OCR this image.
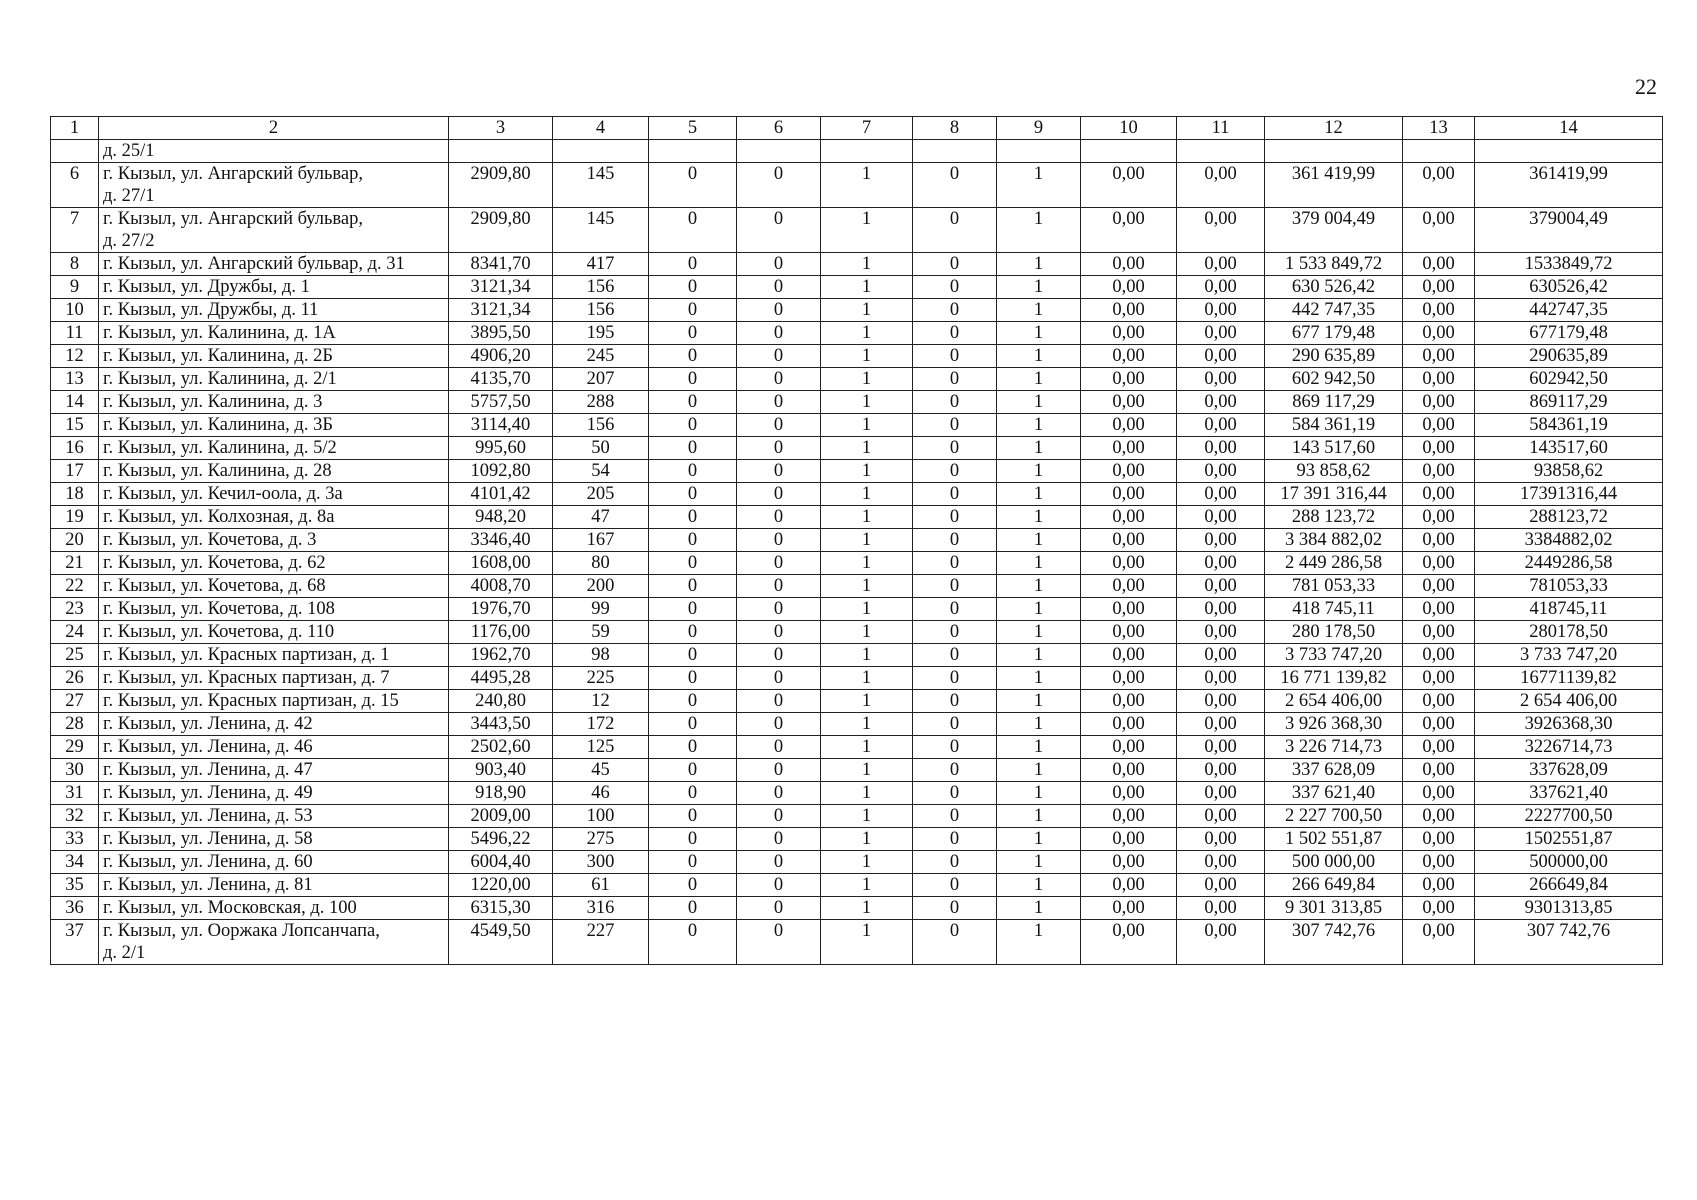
22
1	2	3	4	5	6	7	8	9	10	11	12	13	14
	д. 25/1												
6	г. Кызыл, ул. Ангарский бульвар,
д. 27/1	2909,80	145	0	0	1	0	1	0,00	0,00	361 419,99	0,00	361419,99
7	г. Кызыл, ул. Ангарский бульвар,
д. 27/2	2909,80	145	0	0	1	0	1	0,00	0,00	379 004,49	0,00	379004,49
8	г. Кызыл, ул. Ангарский бульвар, д. 31	8341,70	417	0	0	1	0	1	0,00	0,00	1 533 849,72	0,00	1533849,72
9	г. Кызыл, ул. Дружбы, д. 1	3121,34	156	0	0	1	0	1	0,00	0,00	630 526,42	0,00	630526,42
10	г. Кызыл, ул. Дружбы, д. 11	3121,34	156	0	0	1	0	1	0,00	0,00	442 747,35	0,00	442747,35
11	г. Кызыл, ул. Калинина, д. 1А	3895,50	195	0	0	1	0	1	0,00	0,00	677 179,48	0,00	677179,48
12	г. Кызыл, ул. Калинина, д. 2Б	4906,20	245	0	0	1	0	1	0,00	0,00	290 635,89	0,00	290635,89
13	г. Кызыл, ул. Калинина, д. 2/1	4135,70	207	0	0	1	0	1	0,00	0,00	602 942,50	0,00	602942,50
14	г. Кызыл, ул. Калинина, д. 3	5757,50	288	0	0	1	0	1	0,00	0,00	869 117,29	0,00	869117,29
15	г. Кызыл, ул. Калинина, д. 3Б	3114,40	156	0	0	1	0	1	0,00	0,00	584 361,19	0,00	584361,19
16	г. Кызыл, ул. Калинина, д. 5/2	995,60	50	0	0	1	0	1	0,00	0,00	143 517,60	0,00	143517,60
17	г. Кызыл, ул. Калинина, д. 28	1092,80	54	0	0	1	0	1	0,00	0,00	93 858,62	0,00	93858,62
18	г. Кызыл, ул. Кечил-оола, д. 3а	4101,42	205	0	0	1	0	1	0,00	0,00	17 391 316,44	0,00	17391316,44
19	г. Кызыл, ул. Колхозная, д. 8а	948,20	47	0	0	1	0	1	0,00	0,00	288 123,72	0,00	288123,72
20	г. Кызыл, ул. Кочетова, д. 3	3346,40	167	0	0	1	0	1	0,00	0,00	3 384 882,02	0,00	3384882,02
21	г. Кызыл, ул. Кочетова, д. 62	1608,00	80	0	0	1	0	1	0,00	0,00	2 449 286,58	0,00	2449286,58
22	г. Кызыл, ул. Кочетова, д. 68	4008,70	200	0	0	1	0	1	0,00	0,00	781 053,33	0,00	781053,33
23	г. Кызыл, ул. Кочетова, д. 108	1976,70	99	0	0	1	0	1	0,00	0,00	418 745,11	0,00	418745,11
24	г. Кызыл, ул. Кочетова, д. 110	1176,00	59	0	0	1	0	1	0,00	0,00	280 178,50	0,00	280178,50
25	г. Кызыл, ул. Красных партизан, д. 1	1962,70	98	0	0	1	0	1	0,00	0,00	3 733 747,20	0,00	3 733 747,20
26	г. Кызыл, ул. Красных партизан, д. 7	4495,28	225	0	0	1	0	1	0,00	0,00	16 771 139,82	0,00	16771139,82
27	г. Кызыл, ул. Красных партизан, д. 15	240,80	12	0	0	1	0	1	0,00	0,00	2 654 406,00	0,00	2 654 406,00
28	г. Кызыл, ул. Ленина, д. 42	3443,50	172	0	0	1	0	1	0,00	0,00	3 926 368,30	0,00	3926368,30
29	г. Кызыл, ул. Ленина, д. 46	2502,60	125	0	0	1	0	1	0,00	0,00	3 226 714,73	0,00	3226714,73
30	г. Кызыл, ул. Ленина, д. 47	903,40	45	0	0	1	0	1	0,00	0,00	337 628,09	0,00	337628,09
31	г. Кызыл, ул. Ленина, д. 49	918,90	46	0	0	1	0	1	0,00	0,00	337 621,40	0,00	337621,40
32	г. Кызыл, ул. Ленина, д. 53	2009,00	100	0	0	1	0	1	0,00	0,00	2 227 700,50	0,00	2227700,50
33	г. Кызыл, ул. Ленина, д. 58	5496,22	275	0	0	1	0	1	0,00	0,00	1 502 551,87	0,00	1502551,87
34	г. Кызыл, ул. Ленина, д. 60	6004,40	300	0	0	1	0	1	0,00	0,00	500 000,00	0,00	500000,00
35	г. Кызыл, ул. Ленина, д. 81	1220,00	61	0	0	1	0	1	0,00	0,00	266 649,84	0,00	266649,84
36	г. Кызыл, ул. Московская, д. 100	6315,30	316	0	0	1	0	1	0,00	0,00	9 301 313,85	0,00	9301313,85
37	г. Кызыл, ул. Ооржака Лопсанчапа,
д. 2/1	4549,50	227	0	0	1	0	1	0,00	0,00	307 742,76	0,00	307 742,76
